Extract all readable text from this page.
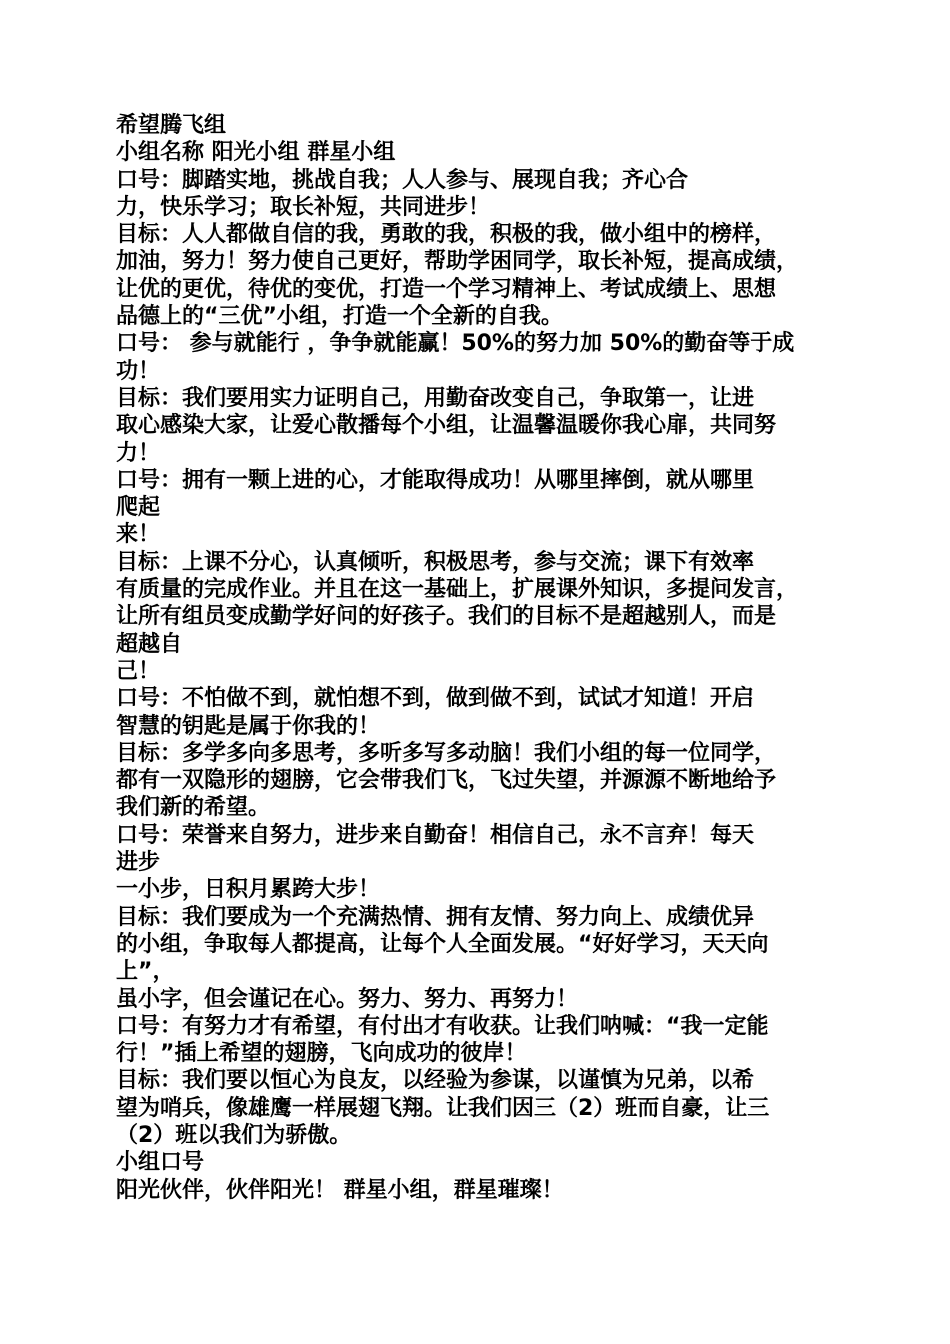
希望腾飞组
小组名称 阳光小组 群星小组
口号：脚踏实地，挑战自我；人人参与、展现自我；齐心合
力，快乐学习；取长补短，共同进步！
目标：人人都做自信的我，勇敢的我，积极的我，做小组中的榜样，
加油，努力！努力使自己更好，帮助学困同学，取长补短，提高成绩，
让优的更优，待优的变优，打造一个学习精神上、考试成绩上、思想
品德上的“三优”小组，打造一个全新的自我。
口号： 参与就能行 ，争争就能赢！50%的努力加 50%的勤奋等于成
功！
目标：我们要用实力证明自己，用勤奋改变自己，争取第一，让进
取心感染大家，让爱心散播每个小组，让温馨温暖你我心扉，共同努
力！
口号：拥有一颗上进的心，才能取得成功！从哪里摔倒，就从哪里
爬起
来！
目标：上课不分心，认真倾听，积极思考，参与交流；课下有效率
有质量的完成作业。并且在这一基础上，扩展课外知识，多提问发言，
让所有组员变成勤学好问的好孩子。我们的目标不是超越别人，而是
超越自
己！
口号：不怕做不到，就怕想不到，做到做不到，试试才知道！开启
智慧的钥匙是属于你我的！
目标：多学多向多思考，多听多写多动脑！我们小组的每一位同学，
都有一双隐形的翅膀，它会带我们飞，飞过失望，并源源不断地给予
我们新的希望。
口号：荣誉来自努力，进步来自勤奋！相信自己，永不言弃！每天
进步
一小步，日积月累跨大步！
目标：我们要成为一个充满热情、拥有友情、努力向上、成绩优异
的小组，争取每人都提高，让每个人全面发展。“好好学习，天天向
上”，
虽小字，但会谨记在心。努力、努力、再努力！
口号：有努力才有希望，有付出才有收获。让我们呐喊：“我一定能
行！”插上希望的翅膀，飞向成功的彼岸！
目标：我们要以恒心为良友，以经验为参谋，以谨慎为兄弟，以希
望为哨兵，像雄鹰一样展翅飞翔。让我们因三（2）班而自豪，让三
（2）班以我们为骄傲。
小组口号
阳光伙伴，伙伴阳光！ 群星小组，群星璀璨！
